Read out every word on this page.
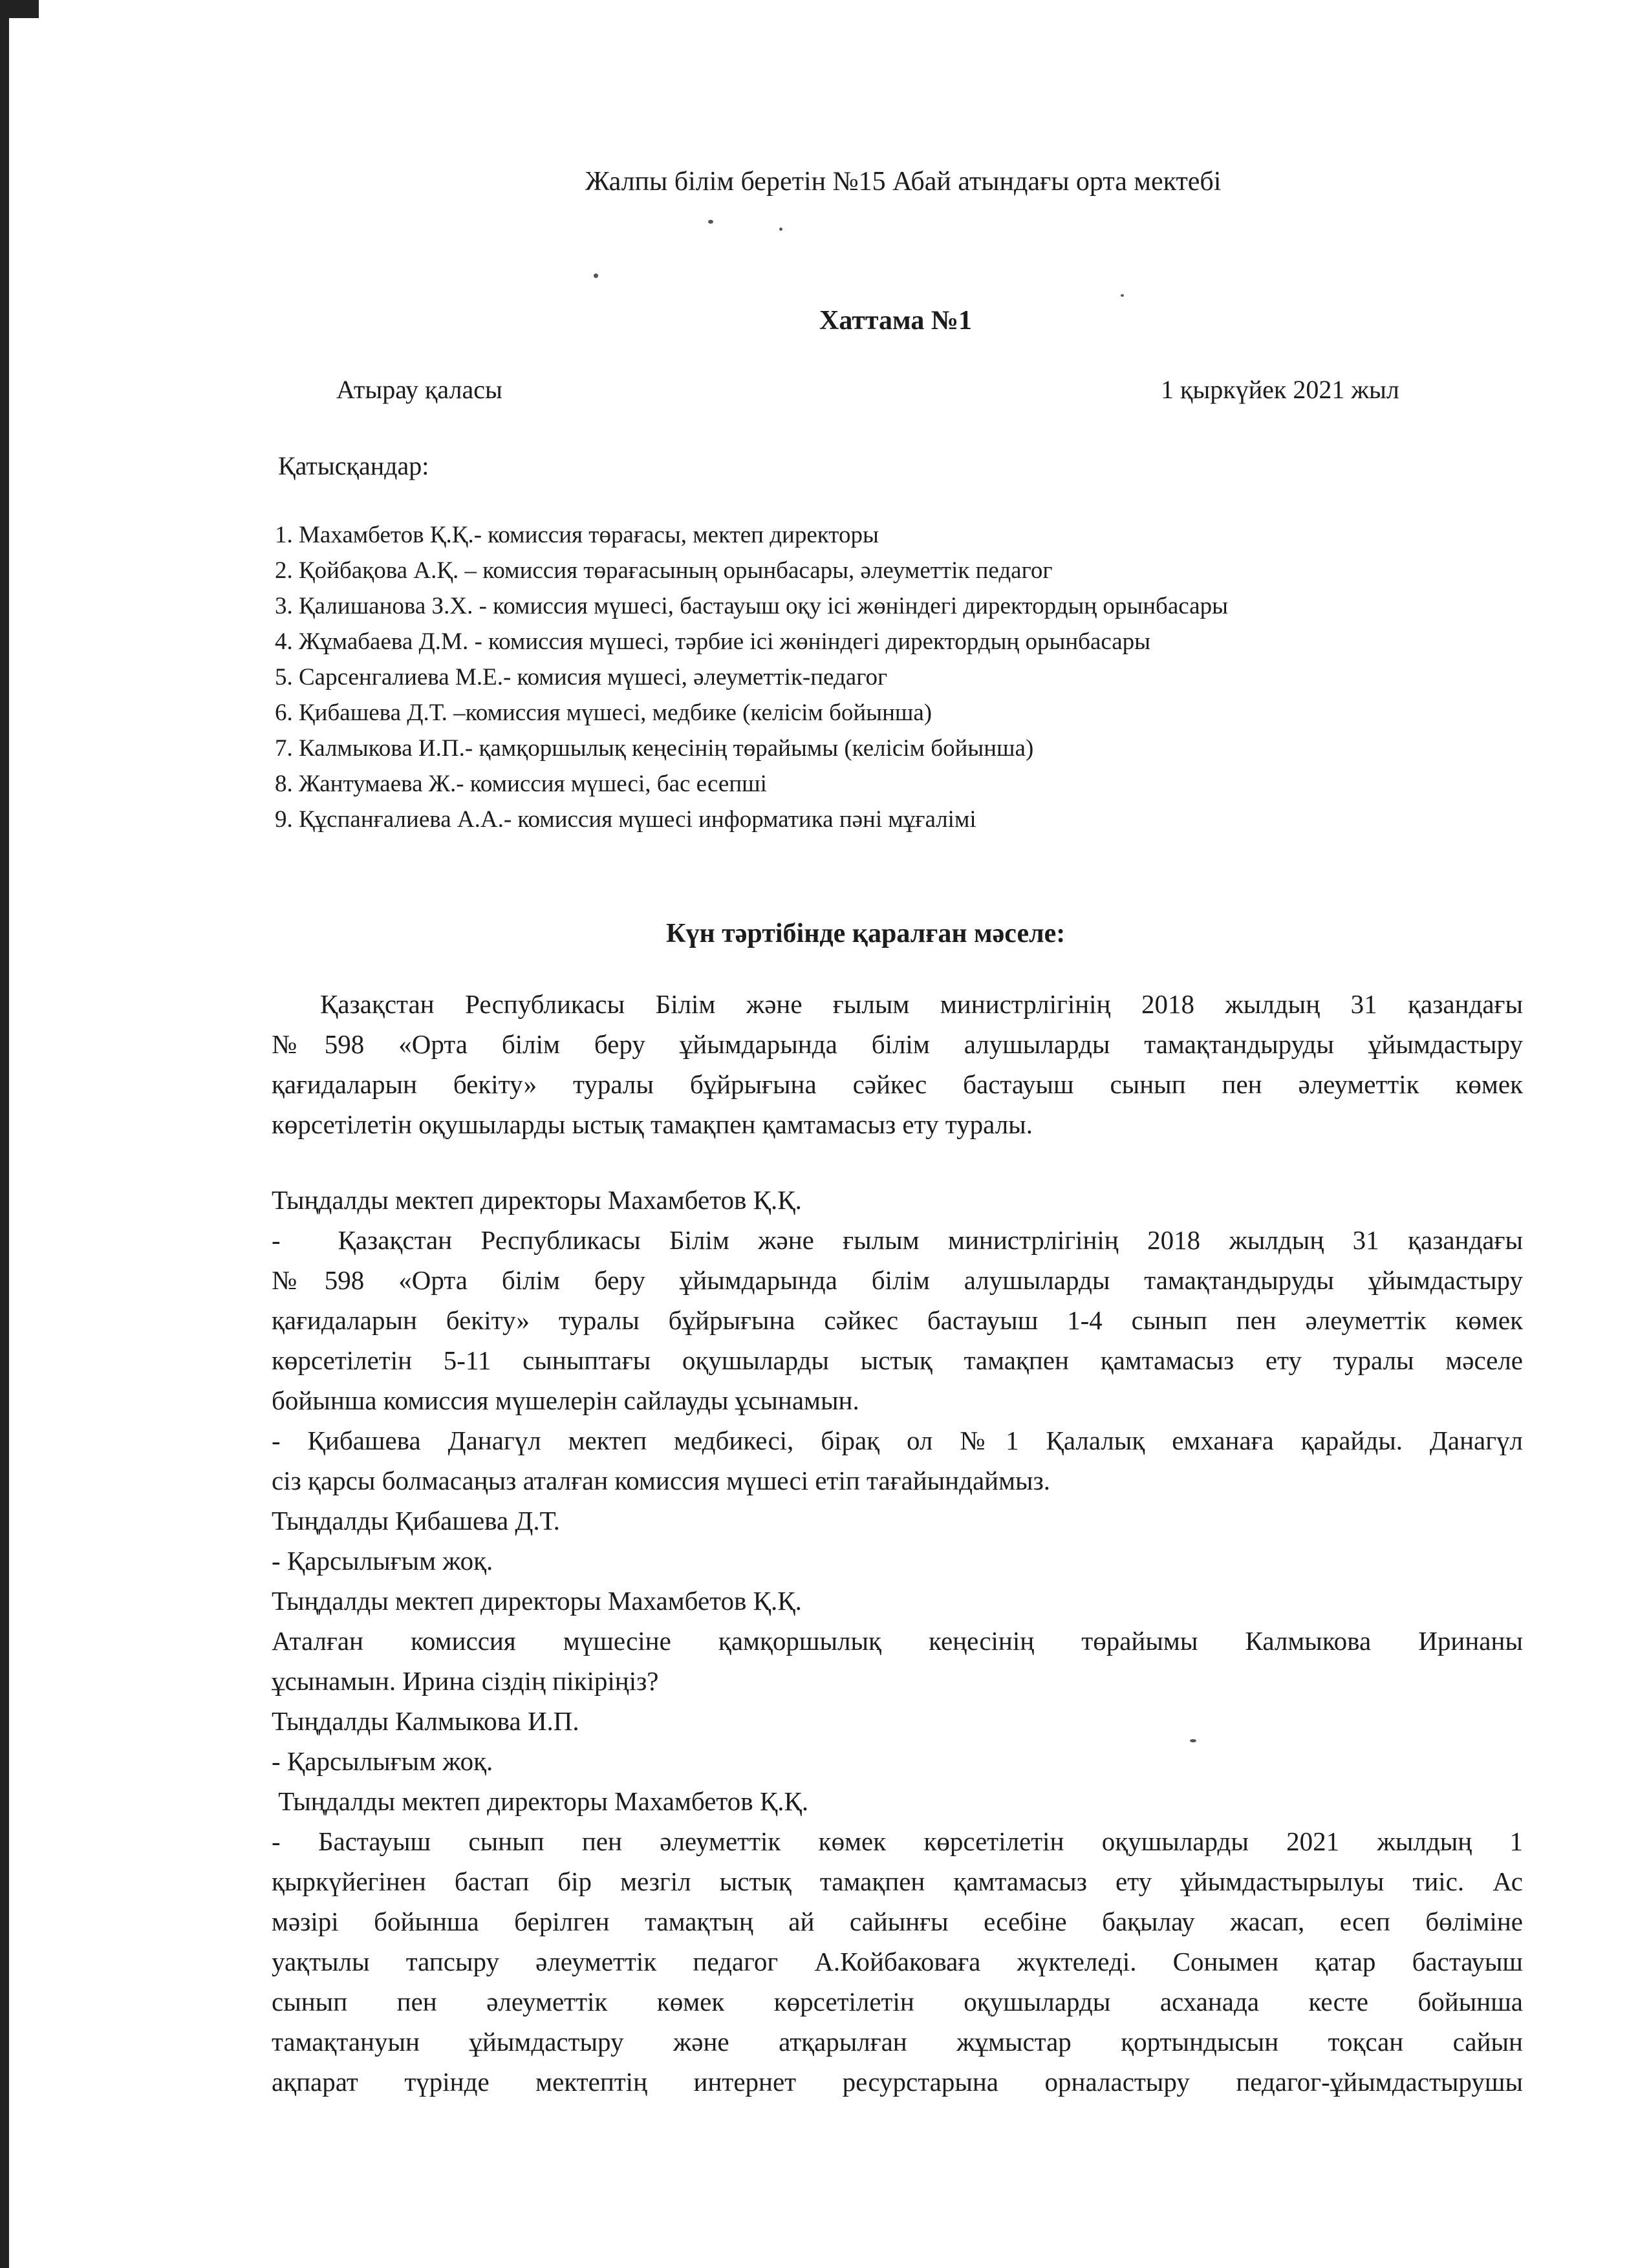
Жалпы білім беретін №15 Абай атындағы орта мектебі
Хаттама №1
Атырау қаласы	1 қыркүйек 2021 жыл
Қатысқандар:
1. Махамбетов Қ.Қ.- комиссия төрағасы, мектеп директоры
2. Қойбақова А.Қ. – комиссия төрағасының орынбасары, әлеуметтік педагог
3. Қалишанова З.Х. - комиссия мүшесі, бастауыш оқу ісі жөніндегі директордың орынбасары
4. Жұмабаева Д.М. - комиссия мүшесі, тәрбие ісі жөніндегі директордың орынбасары
5. Сарсенгалиева М.Е.- комисия мүшесі, әлеуметтік-педагог
6. Қибашева Д.Т. –комиссия мүшесі, медбике (келісім бойынша)
7. Калмыкова И.П.- қамқоршылық кеңесінің төрайымы (келісім бойынша)
8. Жантумаева Ж.- комиссия мүшесі, бас есепші
9. Құспанғалиева А.А.- комиссия мүшесі информатика пәні мұғалімі
Күн тәртібінде қаралған мәселе:

Қазақстан Республикасы Білім және ғылым министрлігінің 2018 жылдың 31 қазандағы

№598 «Орта білім беру ұйымдарында білім алушыларды тамақтандыруды ұйымдастыру

қағидаларын бекіту» туралы бұйрығына сәйкес бастауыш сынып пен әлеуметтік көмек

көрсетілетін оқушыларды ыстық тамақпен қамтамасыз ету туралы.

Тыңдалды мектеп директоры Махамбетов Қ.Қ.

-  Қазақстан Республикасы Білім және ғылым министрлігінің 2018 жылдың 31 қазандағы

№598 «Орта білім беру ұйымдарында білім алушыларды тамақтандыруды ұйымдастыру

қағидаларын бекіту» туралы бұйрығына сәйкес бастауыш 1-4 сынып пен әлеуметтік көмек

көрсетілетін 5-11 сыныптағы оқушыларды ыстық тамақпен қамтамасыз ету туралы мәселе

бойынша комиссия мүшелерін сайлауды ұсынамын.

- Қибашева Данагүл мектеп медбикесі, бірақ ол №1 Қалалық емханаға қарайды. Данагүл

сіз қарсы болмасаңыз аталған комиссия мүшесі етіп тағайындаймыз.

Тыңдалды Қибашева Д.Т.

- Қарсылығым жоқ.

Тыңдалды мектеп директоры Махамбетов Қ.Қ.

Аталған комиссия мүшесіне қамқоршылық кеңесінің төрайымы Калмыкова Иринаны

ұсынамын. Ирина сіздің пікіріңіз?

Тыңдалды Калмыкова И.П.

- Қарсылығым жоқ.

Тыңдалды мектеп директоры Махамбетов Қ.Қ.

- Бастауыш сынып пен әлеуметтік көмек көрсетілетін оқушыларды 2021 жылдың 1

қыркүйегінен бастап бір мезгіл ыстық тамақпен қамтамасыз ету ұйымдастырылуы тиіс. Ас

мәзірі бойынша берілген тамақтың ай сайынғы есебіне бақылау жасап, есеп бөліміне

уақтылы тапсыру әлеуметтік педагог А.Койбаковаға жүктеледі. Сонымен қатар бастауыш

сынып пен әлеуметтік көмек көрсетілетін оқушыларды асханада кесте бойынша

тамақтануын ұйымдастыру және атқарылған жұмыстар қортындысын тоқсан сайын

ақпарат түрінде мектептің интернет ресурстарына орналастыру педагог-ұйымдастырушы
